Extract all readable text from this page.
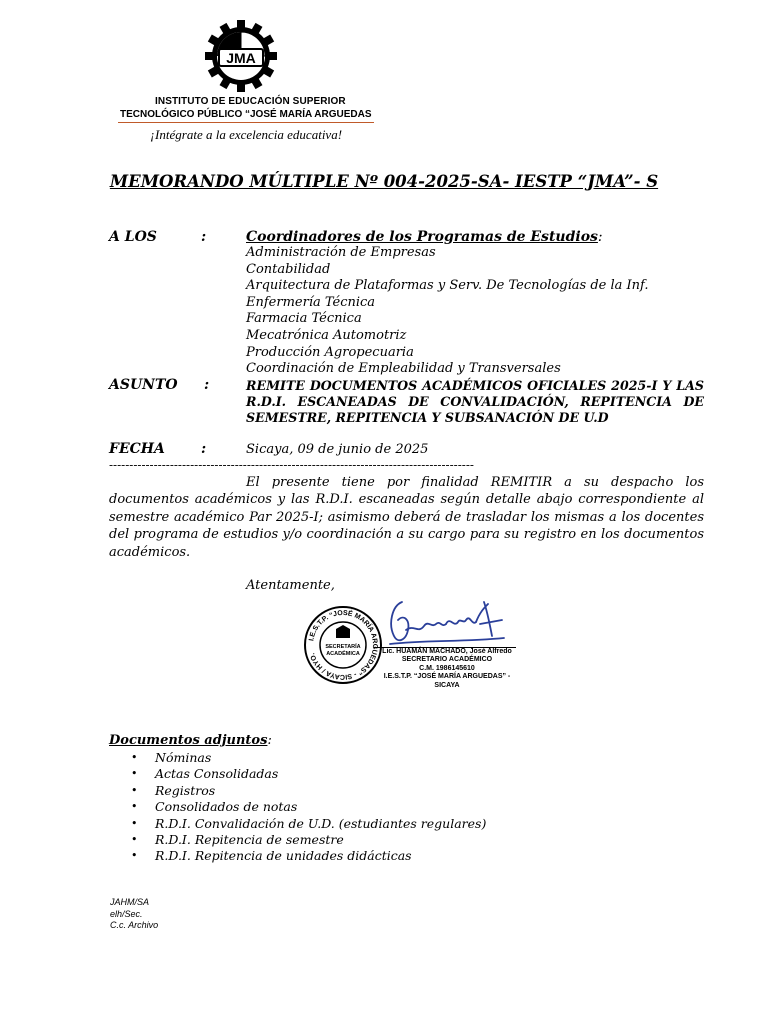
JMA
INSTITUTO DE EDUCACIÓN SUPERIOR
TECNOLÓGICO PÚBLICO “JOSÉ MARÍA ARGUEDAS
¡Intégrate a la excelencia educativa!
MEMORANDO MÚLTIPLE Nº 004-2025-SA- IESTP “JMA”- S
A LOS	:	Coordinadores de los Programas de Estudios:
Administración de Empresas
Contabilidad
Arquitectura de Plataformas y Serv. De Tecnologías de la Inf.
Enfermería Técnica
Farmacia Técnica
Mecatrónica Automotriz
Producción Agropecuaria
Coordinación de Empleabilidad y Transversales
ASUNTO :	REMITE DOCUMENTOS ACADÉMICOS OFICIALES 2025-I Y LAS R.D.I. ESCANEADAS DE CONVALIDACIÓN, REPITENCIA DE SEMESTRE, REPITENCIA Y SUBSANACIÓN DE U.D
FECHA	:	Sicaya, 09 de junio de 2025
------------------------------------------------------------------------------------------
El presente tiene por finalidad REMITIR a su despacho los documentos académicos y las R.D.I. escaneadas según detalle abajo correspondiente al semestre académico Par 2025-I; asimismo deberá de trasladar los mismas a los docentes del programa de estudios y/o coordinación a su cargo para su registro en los documentos académicos.
Atentamente,
I.E.S.T.P. “JOSÉ MARÍA ARGUEDAS” - SICAYA / HYO.
SECRETARÍA
ACADÉMICA	Lic. HUAMÁN MACHADO, José Alfredo
SECRETARIO ACADÉMICO
C.M. 1986145610
I.E.S.T.P. “JOSÉ MARÍA ARGUEDAS” - SICAYA
Documentos adjuntos:
• Nóminas
• Actas Consolidadas
• Registros
• Consolidados de notas
• R.D.I. Convalidación de U.D. (estudiantes regulares)
• R.D.I. Repitencia de semestre
• R.D.I. Repitencia de unidades didácticas
JAHM/SA
elh/Sec.
C.c. Archivo
